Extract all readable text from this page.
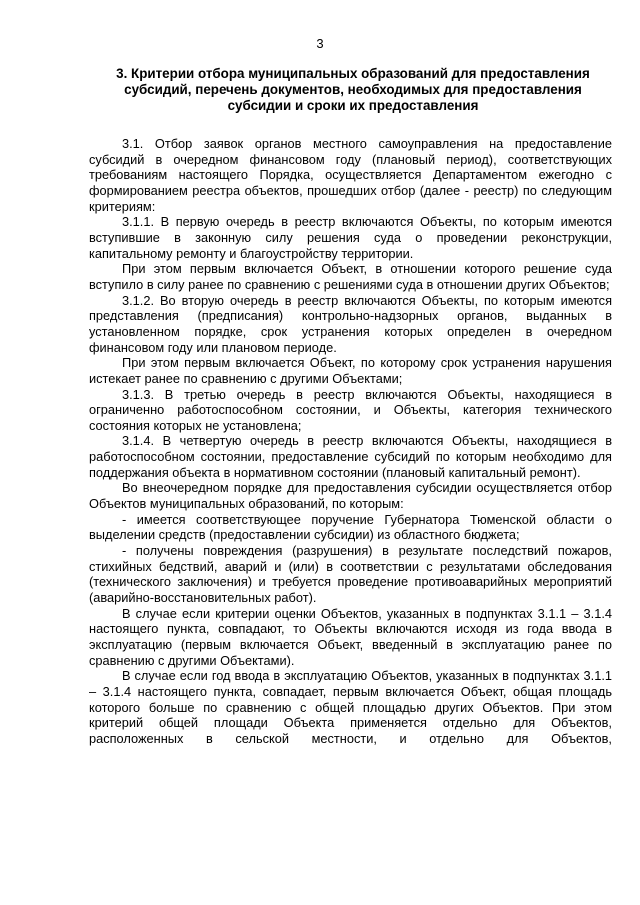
3
3. Критерии отбора муниципальных образований для предоставления
субсидий, перечень документов, необходимых для предоставления
субсидии и сроки их предоставления

3.1. Отбор заявок органов местного самоуправления на предоставление субсидий в очередном финансовом году (плановый период), соответствующих требованиям настоящего Порядка, осуществляется Департаментом ежегодно с формированием реестра объектов, прошедших отбор (далее - реестр) по следующим критериям:

3.1.1. В первую очередь в реестр включаются Объекты, по которым имеются вступившие в законную силу решения суда о проведении реконструкции, капитальному ремонту и благоустройству территории.

При этом первым включается Объект, в отношении которого решение суда вступило в силу ранее по сравнению с решениями суда в отношении других Объектов;

3.1.2. Во вторую очередь в реестр включаются Объекты, по которым имеются представления (предписания) контрольно-надзорных органов, выданных в установленном порядке, срок устранения которых определен в очередном финансовом году или плановом периоде.

При этом первым включается Объект, по которому срок устранения нарушения истекает ранее по сравнению с другими Объектами;

3.1.3. В третью очередь в реестр включаются Объекты, находящиеся в ограниченно работоспособном состоянии, и Объекты, категория технического состояния которых не установлена;

3.1.4. В четвертую очередь в реестр включаются Объекты, находящиеся в работоспособном состоянии, предоставление субсидий по которым необходимо для поддержания объекта в нормативном состоянии (плановый капитальный ремонт).

Во внеочередном порядке для предоставления субсидии осуществляется отбор Объектов муниципальных образований, по которым:

- имеется соответствующее поручение Губернатора Тюменской области о выделении средств (предоставлении субсидии) из областного бюджета;

- получены повреждения (разрушения) в результате последствий пожаров, стихийных бедствий, аварий и (или) в соответствии с результатами обследования (технического заключения) и требуется проведение противоаварийных мероприятий (аварийно-восстановительных работ).

В случае если критерии оценки Объектов, указанных в подпунктах 3.1.1 – 3.1.4 настоящего пункта, совпадают, то Объекты включаются исходя из года ввода в эксплуатацию (первым включается Объект, введенный в эксплуатацию ранее по сравнению с другими Объектами).

В случае если год ввода в эксплуатацию Объектов, указанных в подпунктах 3.1.1 – 3.1.4 настоящего пункта, совпадает, первым включается Объект, общая площадь которого больше по сравнению с общей площадью других Объектов. При этом критерий общей площади Объекта применяется отдельно для Объектов, расположенных в сельской местности, и отдельно для Объектов,
